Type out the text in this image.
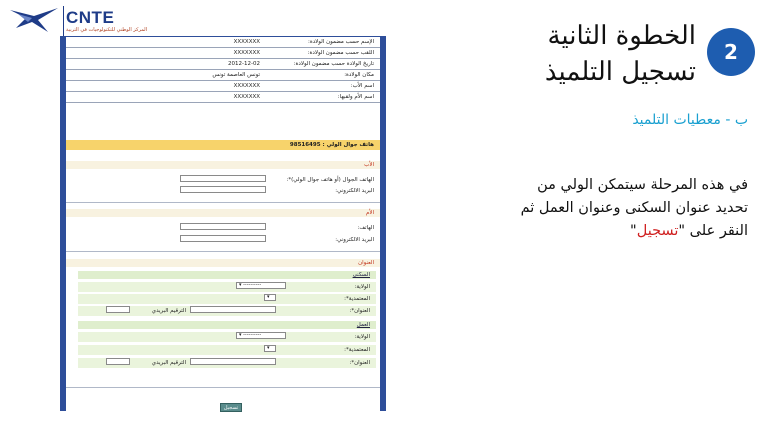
CNTE
المركز الوطني للتكنولوجيات في التربية
الإسم حسب مضمون الولادة:
XXXXXXX
اللقب حسب مضمون الولادة:
XXXXXXX
تاريخ الولادة حسب مضمون الولادة:
2012-12-02
مكان الولادة:
تونس العاصمة تونس
اسم الأب:
XXXXXXX
اسم الأم ولقبها:
XXXXXXX
هاتف جوال الولي : 98516495
الأب
الهاتف الجوال (أو هاتف جوال الولي)*:
البريد الالكتروني:
الأم
الهاتف:
البريد الالكتروني:
العنوان
السكنى
الولاية:
▾ ----------
المعتمدية*:
▾
العنوان*:
الترقيم البريدي
العمل
الولاية:
▾ ----------
المعتمدية*:
▾
العنوان*:
الترقيم البريدي
تسجيل
2
الخطوة الثانية
تسجيل التلميذ
ب - معطيات التلميذ
في هذه المرحلة سيتمكن الولي من تحديد عنوان السكنى وعنوان العمل ثم النقر على "تسجيل"
